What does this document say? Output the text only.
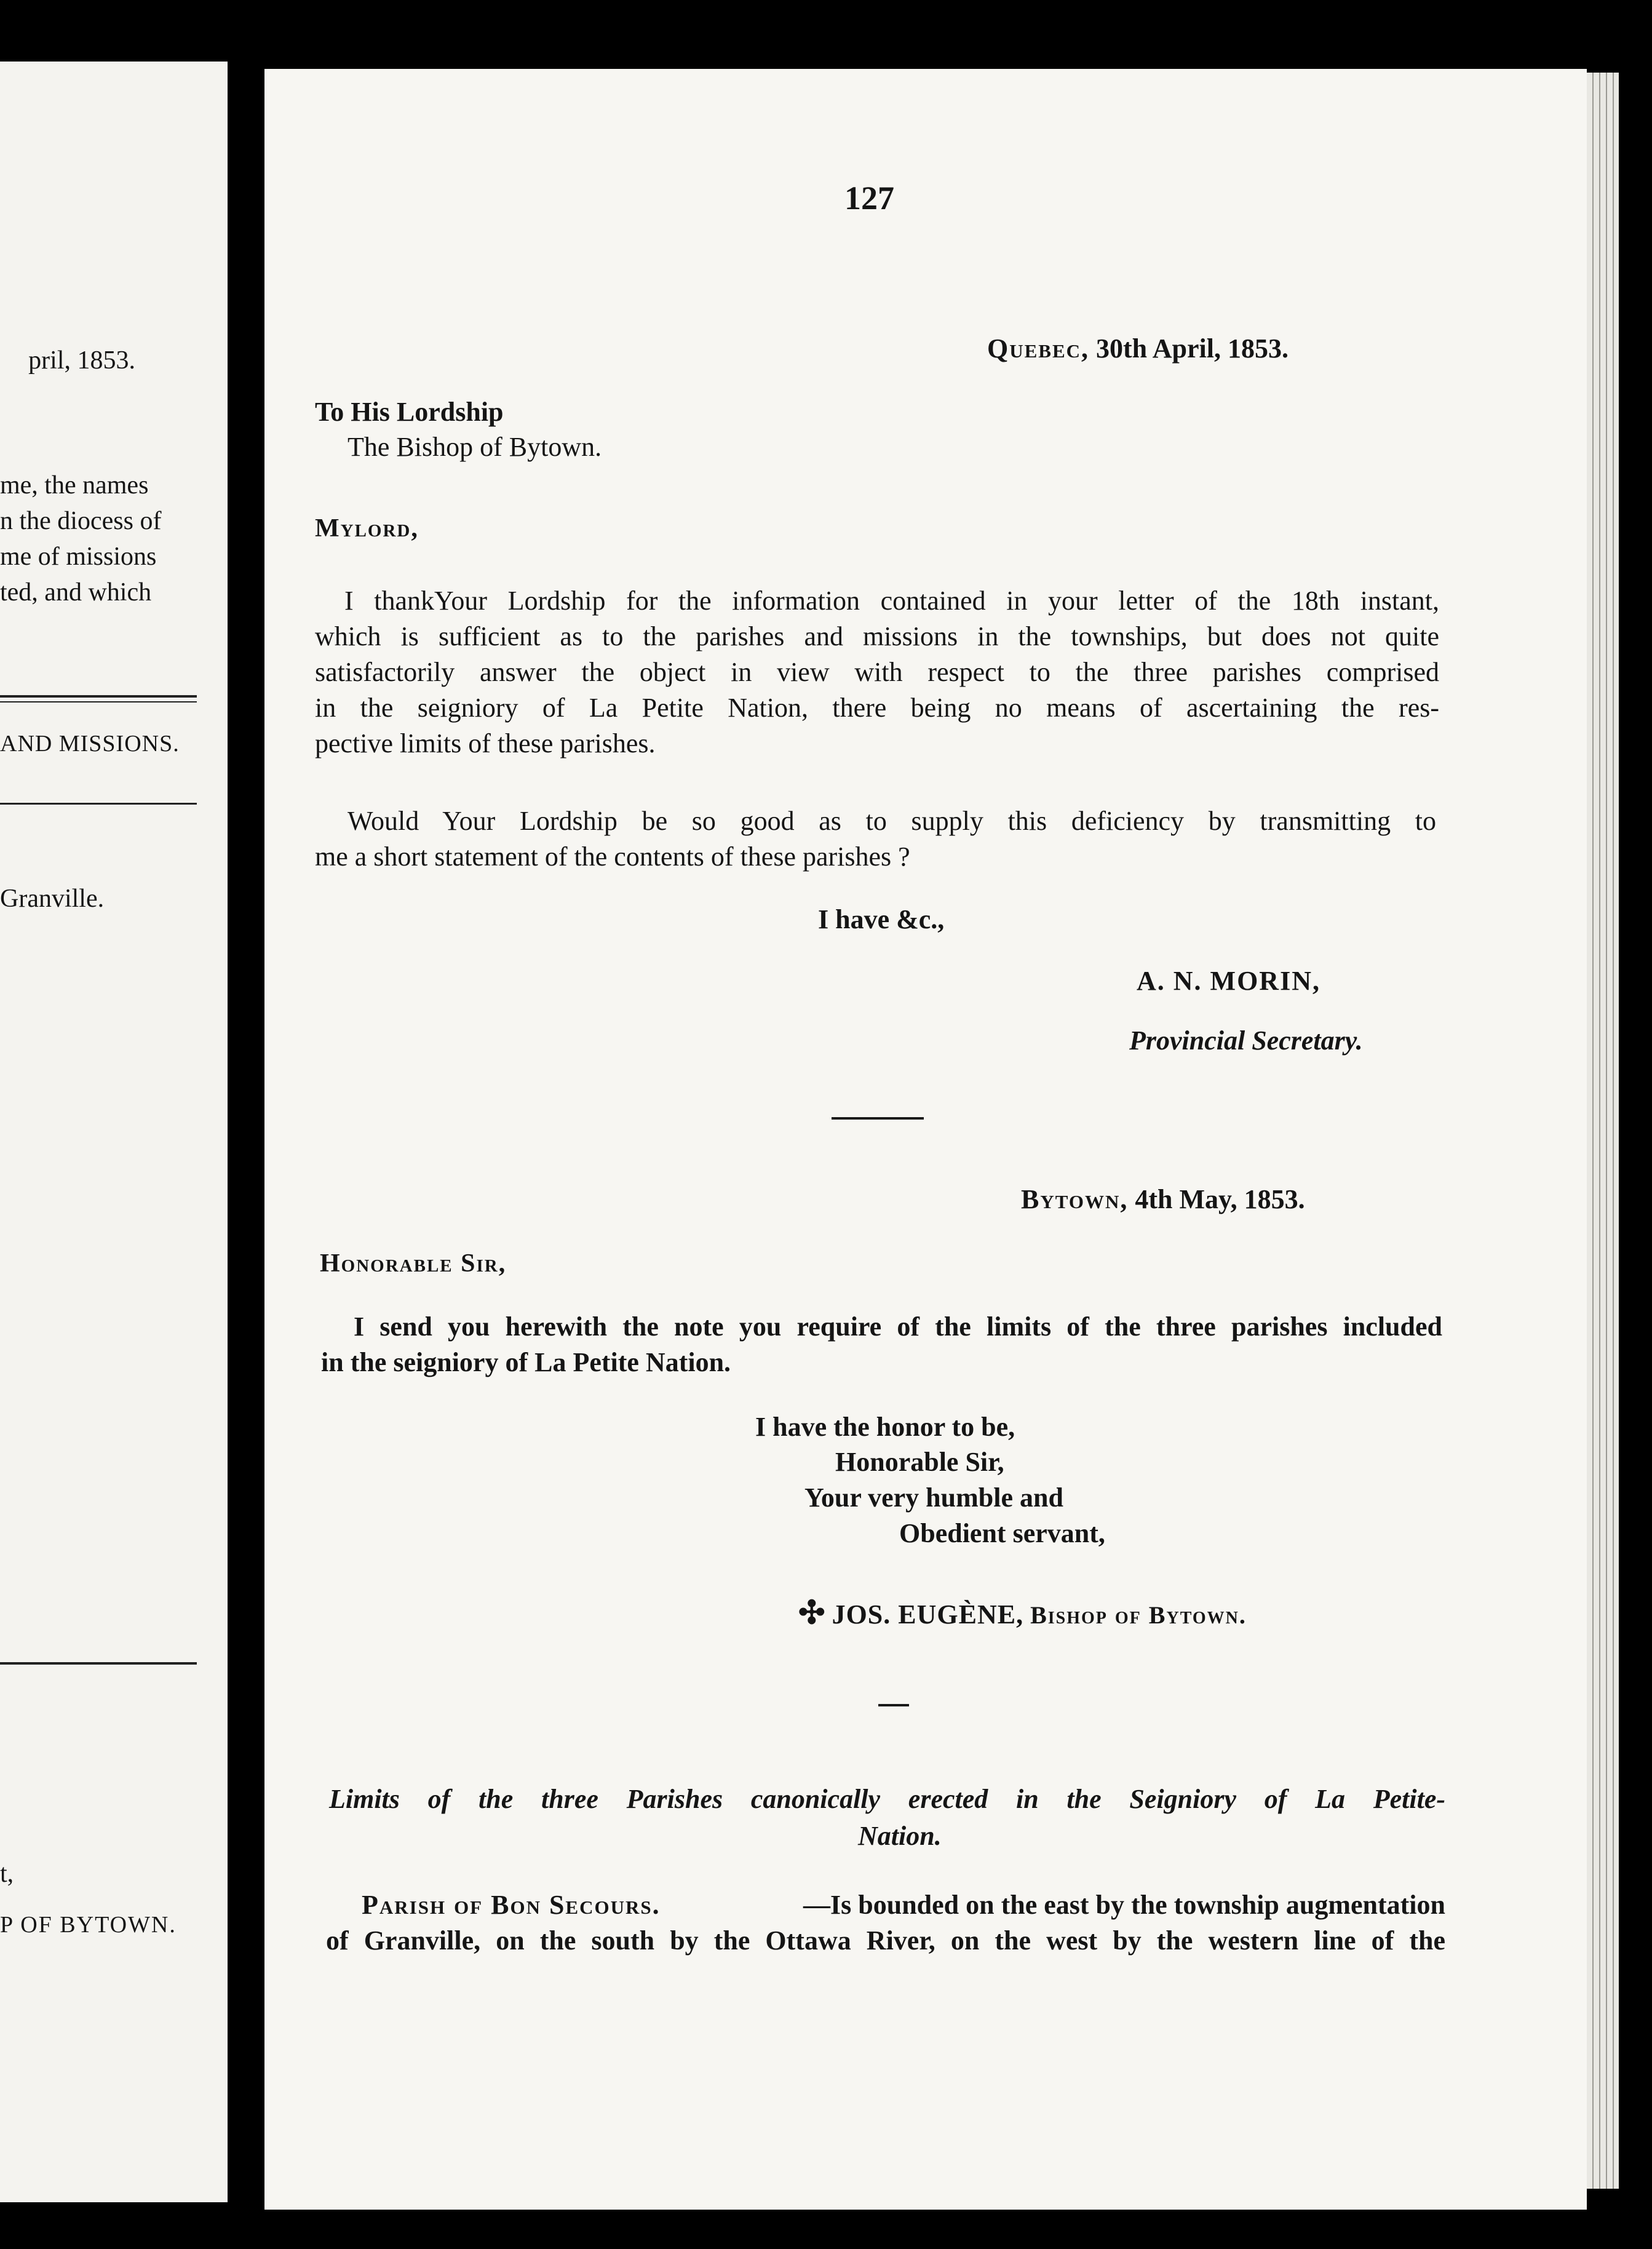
pril, 1853.
me, the names
n the diocess of
me of missions
ted, and which
AND MISSIONS.
Granville.
t,
P OF BYTOWN.
127
Quebec, 30th April, 1853.
To His Lordship
The Bishop of Bytown.
Mylord,
I thankYour Lordship for the information contained in your letter of the 18th instant,
which is sufficient as to the parishes and missions in the townships, but does not quite
satisfactorily answer the object in view with respect to the three parishes comprised
in the seigniory of La Petite Nation, there being no means of ascertaining the res-
pective limits of these parishes.
Would Your Lordship be so good as to supply this deficiency by transmitting to
me a short statement of the contents of these parishes ?
I have &c.,
A. N. MORIN,
Provincial Secretary.
Bytown, 4th May, 1853.
Honorable Sir,
I send you herewith the note you require of the limits of the three parishes included
in the seigniory of La Petite Nation.
I have the honor to be,
Honorable Sir,
Your very humble and
Obedient servant,
✣ JOS. EUGÈNE, Bishop of Bytown.
Limits of the three Parishes canonically erected in the Seigniory of La Petite-
Nation.
Parish of Bon Secours.	—Is bounded on the east by the township augmentation
of Granville, on the south by the Ottawa River, on the west by the western line of the
